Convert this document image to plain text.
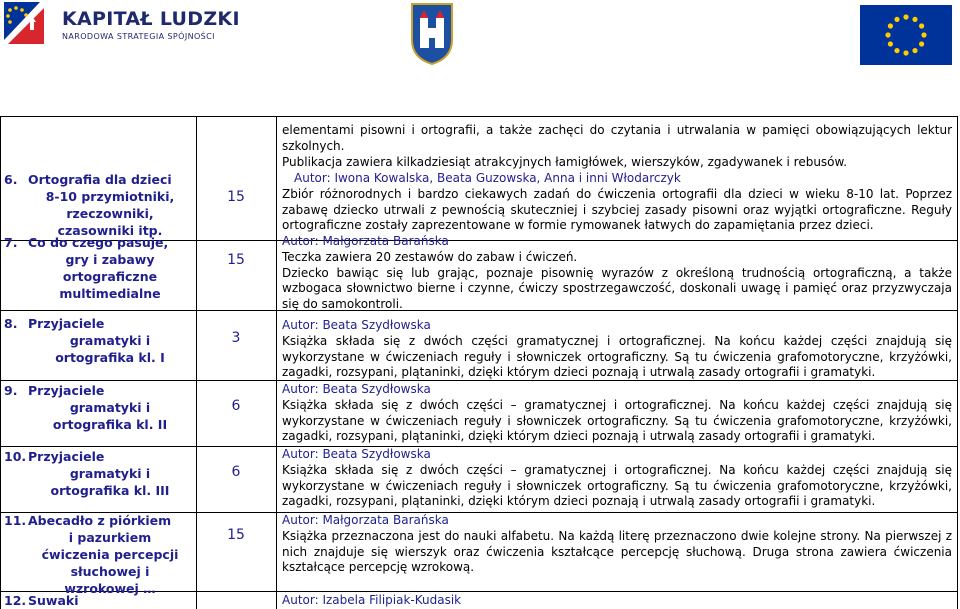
KAPITAŁ LUDZKI
NARODOWA STRATEGIA SPÓJNOŚCI

elementami pisowni i ortografii, a także zachęci do czytania i utrwalania w pamięci obowiązujących lektur szkolnych.

Publikacja zawiera kilkadziesiąt atrakcyjnych łamigłówek, wierszyków, zgadywanek i rebusów.

6. Ortografia dla dzieci
8-10 przymiotniki,
rzeczowniki,
czasowniki itp.
15

Autor: Iwona Kowalska, Beata Guzowska, Anna i inni Włodarczyk

Zbiór różnorodnych i bardzo ciekawych zadań do ćwiczenia ortografii dla dzieci w wieku 8-10 lat. Poprzez zabawę dziecko utrwali z pewnością skuteczniej i szybciej zasady pisowni oraz wyjątki ortograficzne. Reguły ortograficzne zostały zaprezentowane w formie rymowanek łatwych do zapamiętania przez dzieci.

7. Co do czego pasuje,
gry i zabawy
ortograficzne
multimedialne
15

Autor: Małgorzata Barańska

Teczka zawiera 20 zestawów do zabaw i ćwiczeń.

Dziecko bawiąc się lub grając, poznaje pisownię wyrazów z określoną trudnością ortograficzną, a także wzbogaca słownictwo bierne i czynne, ćwiczy spostrzegawczość, doskonali uwagę i pamięć oraz przyzwyczaja się do samokontroli.

8. Przyjaciele
gramatyki i
ortografika kl. I
3

Autor: Beata Szydłowska

Książka składa się z dwóch części gramatycznej i ortograficznej. Na końcu każdej części znajdują się wykorzystane w ćwiczeniach reguły i słowniczek ortograficzny. Są tu ćwiczenia grafomotoryczne, krzyżówki, zagadki, rozsypani, plątaninki, dzięki którym dzieci poznają i utrwalą zasady ortografii i gramatyki.

9. Przyjaciele
gramatyki i
ortografika kl. II
6

Autor: Beata Szydłowska

Książka składa się z dwóch części – gramatycznej i ortograficznej. Na końcu każdej części znajdują się wykorzystane w ćwiczeniach reguły i słowniczek ortograficzny. Są tu ćwiczenia grafomotoryczne, krzyżówki, zagadki, rozsypani, plątaninki, dzięki którym dzieci poznają i utrwalą zasady ortografii i gramatyki.

10. Przyjaciele
gramatyki i
ortografika kl. III
6

Autor: Beata Szydłowska

Książka składa się z dwóch części – gramatycznej i ortograficznej. Na końcu każdej części znajdują się wykorzystane w ćwiczeniach reguły i słowniczek ortograficzny. Są tu ćwiczenia grafomotoryczne, krzyżówki, zagadki, rozsypani, plątaninki, dzięki którym dzieci poznają i utrwalą zasady ortografii i gramatyki.

11. Abecadło z piórkiem
i pazurkiem
ćwiczenia percepcji
słuchowej i
wzrokowej …
15

Autor: Małgorzata Barańska

Książka przeznaczona jest do nauki alfabetu. Na każdą literę przeznaczono dwie kolejne strony. Na pierwszej z nich znajduje się wierszyk oraz ćwiczenia kształcące percepcję słuchową. Druga strona zawiera ćwiczenia kształcące percepcję wzrokową.

12. Suwaki	Autor: Izabela Filipiak-Kudasik
